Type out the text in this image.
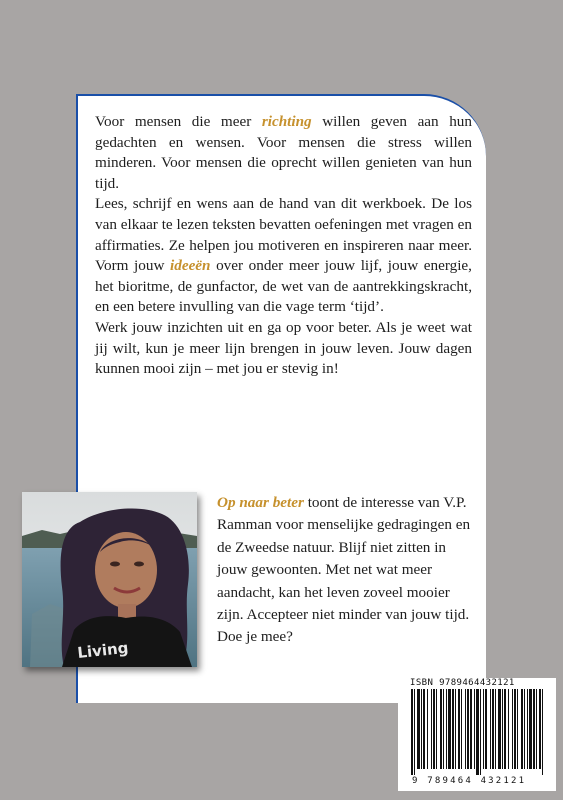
Voor mensen die meer richting willen geven aan hun gedachten en wensen. Voor mensen die stress willen minderen. Voor mensen die oprecht willen genieten van hun tijd.

Lees, schrijf en wens aan de hand van dit werkboek. De los van elkaar te lezen teksten bevatten oefeningen met vragen en affirmaties. Ze helpen jou motiveren en inspireren naar meer. Vorm jouw ideeën over onder meer jouw lijf, jouw energie, het bioritme, de gunfactor, de wet van de aantrekkingskracht, en een betere invulling van die vage term ‘tijd’.

Werk jouw inzichten uit en ga op voor beter. Als je weet wat jij wilt, kun je meer lijn brengen in jouw leven. Jouw dagen kunnen mooi zijn – met jou er stevig in!

Living

Op naar beter toont de interesse van V.P. Ramman voor menselijke gedragingen en de Zweedse natuur. Blijf niet zitten in jouw gewoonten. Met net wat meer aandacht, kan het leven zoveel mooier zijn. Accepteer niet minder van jouw tijd. Doe je mee?

ISBN 9789464432121
9 789464 432121
